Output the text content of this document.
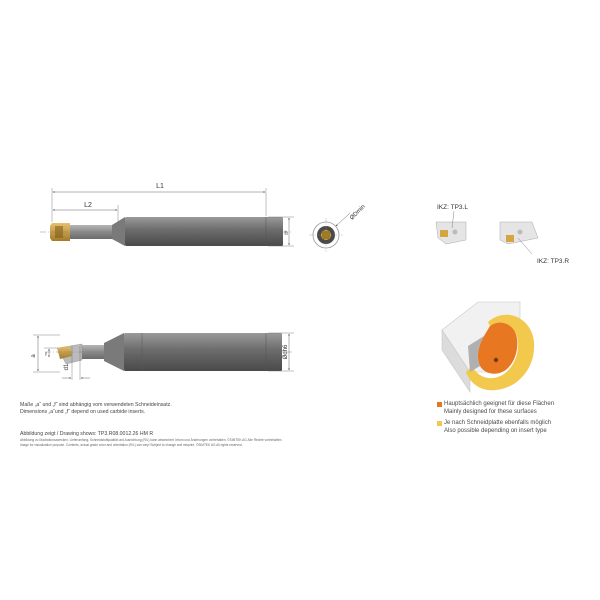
L1
L2
h
ØDmin	IKZ: TP3.L
IKZ: TP3.R
Ødh6
a f
d1
Maße „a“ und „f“ sind abhängig vom verwendeten Schneideinsatz.
Dimensions „a“und „f“ depend on used carbide inserts.
Abbildung zeigt / Drawing shows: TP3.R08.0012.26 HM R
Abbildung zu Illustrationszwecken. Lieferumfang, Schneidstoffqualität und Ausrichtung (R/L) kann abweichen! Irrtum und Änderungen vorbehalten. ©SIMTEK AG Alle Rechte vorbehalten.
Image for visualization purpose. Contents, actual grade color and orientation (R/L) can vary! Subject to change and misprint. ©SIMTEK AG All rights reserved.
Hauptsächlich geeignet für diese Flächen
Mainly designed for these surfaces
Je nach Schneidplatte ebenfalls möglich
Also possible depending on insert type
